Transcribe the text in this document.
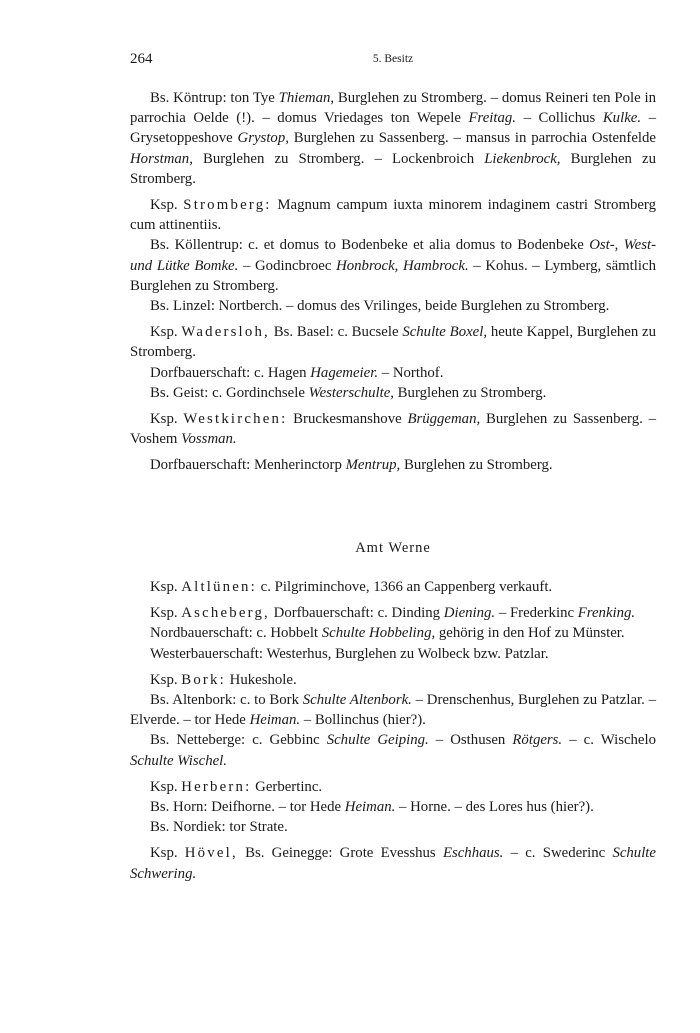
264	5. Besitz

Bs. Köntrup: ton Tye Thieman, Burglehen zu Stromberg. – domus Reineri ten Pole in parrochia Oelde (!). – domus Vriedages ton Wepele Freitag. – Collichus Kulke. – Grysetoppeshove Grystop, Burglehen zu Sassenberg. – mansus in parrochia Ostenfelde Horstman, Burglehen zu Stromberg. – Lockenbroich Liekenbrock, Burglehen zu Stromberg.

Ksp. Stromberg: Magnum campum iuxta minorem indaginem castri Stromberg cum attinentiis.

Bs. Köllentrup: c. et domus to Bodenbeke et alia domus to Bodenbeke Ost-, West- und Lütke Bomke. – Godincbroec Honbrock, Hambrock. – Kohus. – Lymberg, sämtlich Burglehen zu Stromberg.

Bs. Linzel: Nortberch. – domus des Vrilinges, beide Burglehen zu Stromberg.

Ksp. Wadersloh, Bs. Basel: c. Bucsele Schulte Boxel, heute Kappel, Burglehen zu Stromberg.

Dorfbauerschaft: c. Hagen Hagemeier. – Northof.

Bs. Geist: c. Gordinchsele Westerschulte, Burglehen zu Stromberg.

Ksp. Westkirchen: Bruckesmanshove Brüggeman, Burglehen zu Sassenberg. – Voshem Vossman.

Dorfbauerschaft: Menherinctorp Mentrup, Burglehen zu Stromberg.

Amt Werne

Ksp. Altlünen: c. Pilgriminchove, 1366 an Cappenberg verkauft.

Ksp. Ascheberg, Dorfbauerschaft: c. Dinding Diening. – Frederkinc Frenking.

Nordbauerschaft: c. Hobbelt Schulte Hobbeling, gehörig in den Hof zu Münster.

Westerbauerschaft: Westerhus, Burglehen zu Wolbeck bzw. Patzlar.

Ksp. Bork: Hukeshole.

Bs. Altenbork: c. to Bork Schulte Altenbork. – Drenschenhus, Burglehen zu Patzlar. – Elverde. – tor Hede Heiman. – Bollinchus (hier?).

Bs. Netteberge: c. Gebbinc Schulte Geiping. – Osthusen Rötgers. – c. Wischelo Schulte Wischel.

Ksp. Herbern: Gerbertinc.

Bs. Horn: Deifhorne. – tor Hede Heiman. – Horne. – des Lores hus (hier?).

Bs. Nordiek: tor Strate.

Ksp. Hövel, Bs. Geinegge: Grote Evesshus Eschhaus. – c. Swederinc Schulte Schwering.
